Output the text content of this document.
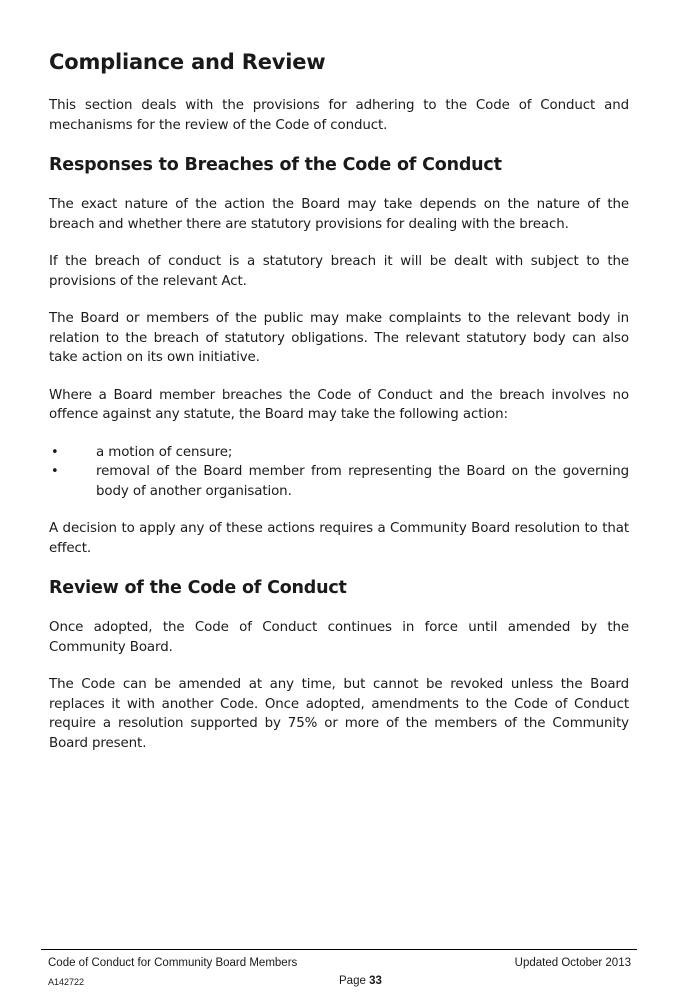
Compliance and Review

This section deals with the provisions for adhering to the Code of Conduct and mechanisms for the review of the Code of conduct.

Responses to Breaches of the Code of Conduct

The exact nature of the action the Board may take depends on the nature of the breach and whether there are statutory provisions for dealing with the breach.

If the breach of conduct is a statutory breach it will be dealt with subject to the provisions of the relevant Act.

The Board or members of the public may make complaints to the relevant body in relation to the breach of statutory obligations. The relevant statutory body can also take action on its own initiative.

Where a Board member breaches the Code of Conduct and the breach involves no offence against any statute, the Board may take the following action:

•	a motion of censure;
•	removal of the Board member from representing the Board on the governing body of another organisation.

A decision to apply any of these actions requires a Community Board resolution to that effect.

Review of the Code of Conduct

Once adopted, the Code of Conduct continues in force until amended by the Community Board.

The Code can be amended at any time, but cannot be revoked unless the Board replaces it with another Code. Once adopted, amendments to the Code of Conduct require a resolution supported by 75% or more of the members of the Community Board present.

Code of Conduct for Community Board Members	Updated October 2013
A142722	Page 33
